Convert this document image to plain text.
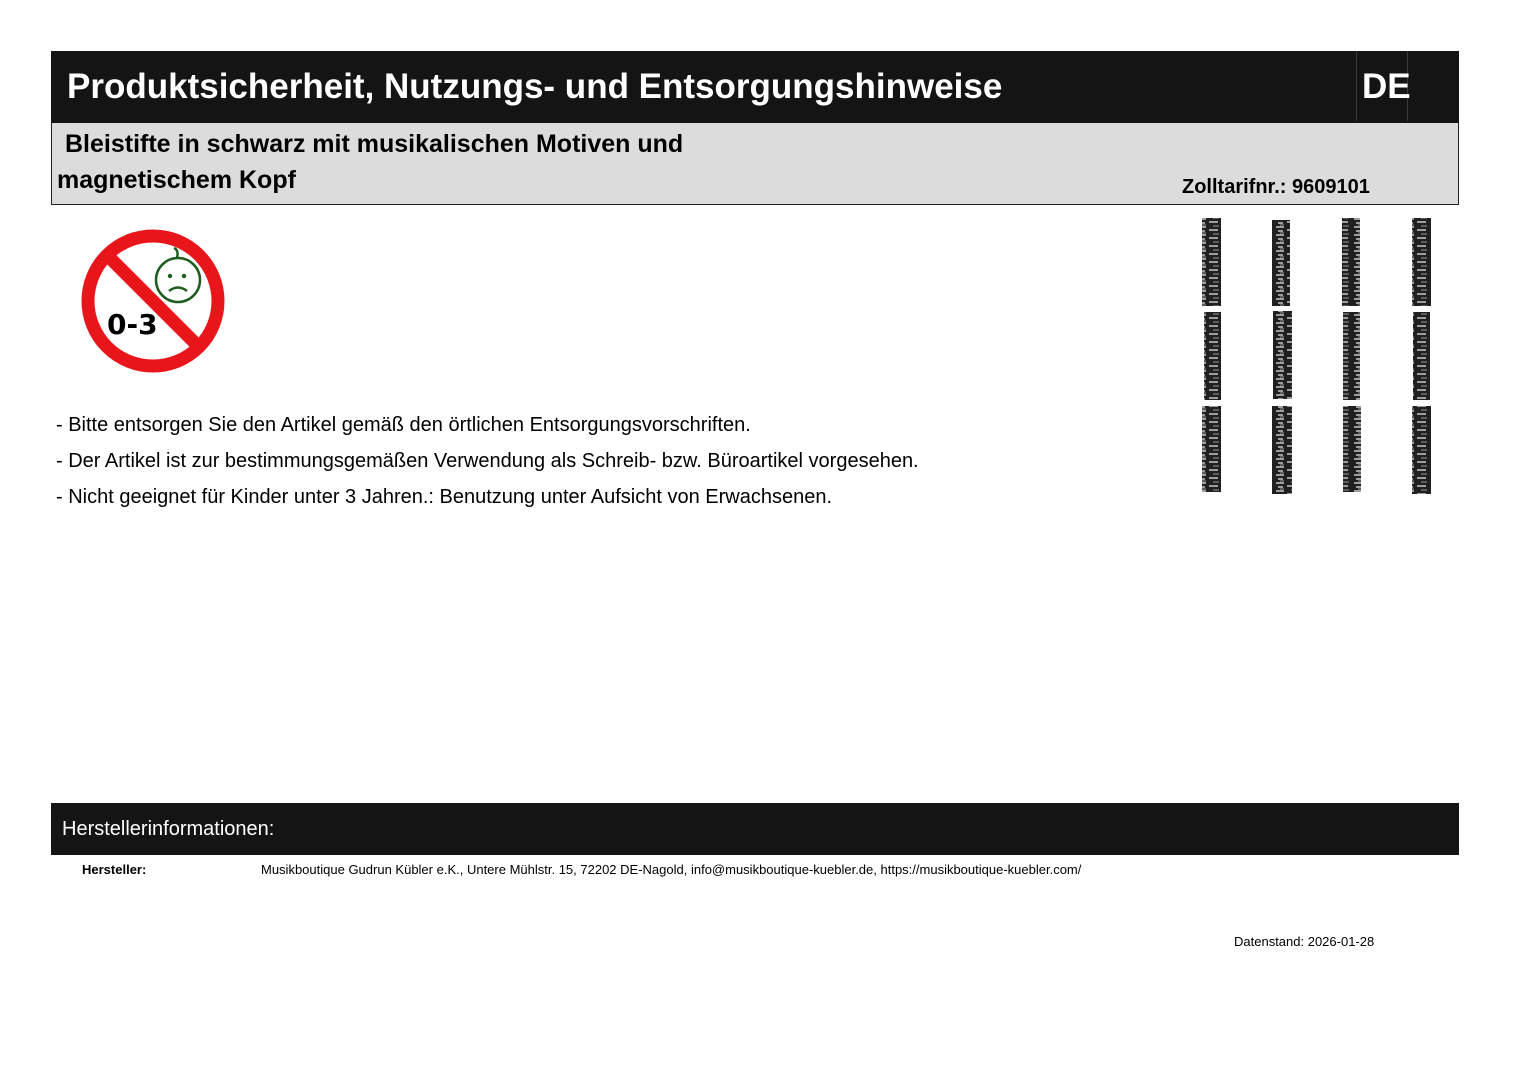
Produktsicherheit, Nutzungs- und Entsorgungshinweise	DE
Bleistifte in schwarz mit musikalischen Motiven und
magnetischem Kopf	Zolltarifnr.: 9609101
0-3
- Bitte entsorgen Sie den Artikel gemäß den örtlichen Entsorgungsvorschriften.
- Der Artikel ist zur bestimmungsgemäßen Verwendung als Schreib- bzw. Büroartikel vorgesehen.
- Nicht geeignet für Kinder unter 3 Jahren.: Benutzung unter Aufsicht von Erwachsenen.
Herstellerinformationen:
Hersteller:	Musikboutique Gudrun Kübler e.K., Untere Mühlstr. 15, 72202 DE-Nagold, info@musikboutique-kuebler.de, https://musikboutique-kuebler.com/
Datenstand: 2026-01-28
